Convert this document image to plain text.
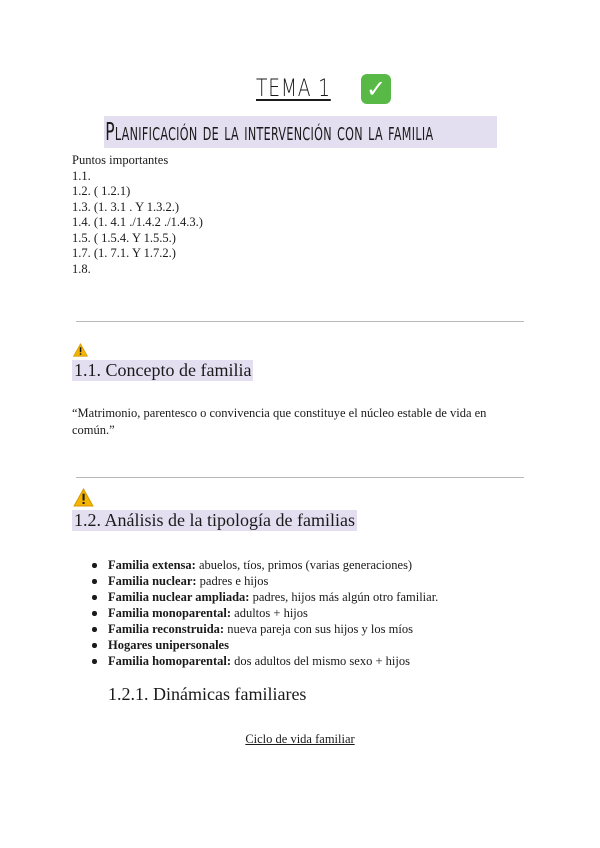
TEMA 1 ✓
Planificación de la intervención con la familia
Puntos importantes
1.1.
1.2. ( 1.2.1)
1.3. (1. 3.1 . Y 1.3.2.)
1.4. (1. 4.1 ./1.4.2 ./1.4.3.)
1.5. ( 1.5.4. Y 1.5.5.)
1.7. (1. 7.1. Y 1.7.2.)
1.8.
1.1. Concepto de familia
“Matrimonio, parentesco o convivencia que constituye el núcleo estable de vida en común.”
1.2. Análisis de la tipología de familias
Familia extensa: abuelos, tíos, primos (varias generaciones)
Familia nuclear: padres e hijos
Familia nuclear ampliada: padres, hijos más algún otro familiar.
Familia monoparental: adultos + hijos
Familia reconstruida: nueva pareja con sus hijos y los míos
Hogares unipersonales
Familia homoparental: dos adultos del mismo sexo + hijos
1.2.1. Dinámicas familiares
Ciclo de vida familiar
